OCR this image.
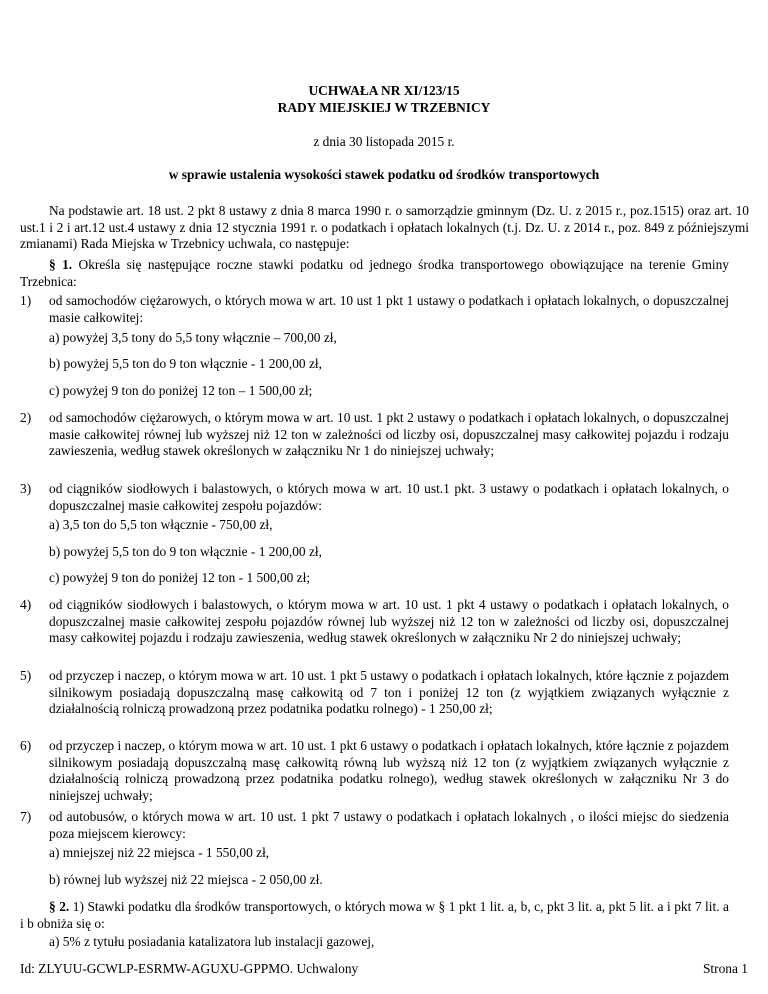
UCHWAŁA NR XI/123/15
RADY MIEJSKIEJ W TRZEBNICY
z dnia 30 listopada 2015 r.
w sprawie ustalenia wysokości stawek podatku od środków transportowych
Na podstawie art. 18 ust. 2 pkt 8 ustawy z dnia 8 marca 1990 r. o samorządzie gminnym (Dz. U. z 2015 r., poz.1515) oraz art. 10 ust.1 i 2 i art.12 ust.4 ustawy z dnia 12 stycznia 1991 r. o podatkach i opłatach lokalnych (t.j. Dz. U. z 2014 r., poz. 849 z późniejszymi zmianami) Rada Miejska w Trzebnicy uchwala, co następuje:
§ 1. Określa się następujące roczne stawki podatku od jednego środka transportowego obowiązujące na terenie Gminy Trzebnica:
1) od samochodów ciężarowych, o których mowa w art. 10 ust 1 pkt 1 ustawy o podatkach i opłatach lokalnych, o dopuszczalnej masie całkowitej:
a) powyżej 3,5 tony do 5,5 tony włącznie – 700,00 zł,
b) powyżej 5,5 ton do 9 ton włącznie - 1 200,00 zł,
c) powyżej 9 ton do poniżej 12 ton – 1 500,00 zł;
2) od samochodów ciężarowych, o którym mowa w art. 10 ust. 1 pkt 2 ustawy o podatkach i opłatach lokalnych, o dopuszczalnej masie całkowitej równej lub wyższej niż 12 ton w zależności od liczby osi, dopuszczalnej masy całkowitej pojazdu i rodzaju zawieszenia, według stawek określonych w załączniku Nr 1 do niniejszej uchwały;
3) od ciągników siodłowych i balastowych, o których mowa w art. 10 ust.1 pkt. 3 ustawy o podatkach i opłatach lokalnych, o dopuszczalnej masie całkowitej zespołu pojazdów:
a) 3,5 ton do 5,5 ton włącznie - 750,00 zł,
b) powyżej 5,5 ton do 9 ton włącznie - 1 200,00 zł,
c) powyżej 9 ton do poniżej 12 ton - 1 500,00 zł;
4) od ciągników siodłowych i balastowych, o którym mowa w art. 10 ust. 1 pkt 4 ustawy o podatkach i opłatach lokalnych, o dopuszczalnej masie całkowitej zespołu pojazdów równej lub wyższej niż 12 ton w zależności od liczby osi, dopuszczalnej masy całkowitej pojazdu i rodzaju zawieszenia, według stawek określonych w załączniku Nr 2 do niniejszej uchwały;
5) od przyczep i naczep, o którym mowa w art. 10 ust. 1 pkt 5 ustawy o podatkach i opłatach lokalnych, które łącznie z pojazdem silnikowym posiadają dopuszczalną masę całkowitą od 7 ton i poniżej 12 ton (z wyjątkiem związanych wyłącznie z działalnością rolniczą prowadzoną przez podatnika podatku rolnego) - 1 250,00 zł;
6) od przyczep i naczep, o którym mowa w art. 10 ust. 1 pkt 6 ustawy o podatkach i opłatach lokalnych, które łącznie z pojazdem silnikowym posiadają dopuszczalną masę całkowitą równą lub wyższą niż 12 ton (z wyjątkiem związanych wyłącznie z działalnością rolniczą prowadzoną przez podatnika podatku rolnego), według stawek określonych w załączniku Nr 3 do niniejszej uchwały;
7) od autobusów, o których mowa w art. 10 ust. 1 pkt 7 ustawy o podatkach i opłatach lokalnych , o ilości miejsc do siedzenia poza miejscem kierowcy:
a) mniejszej niż 22 miejsca - 1 550,00 zł,
b) równej lub wyższej niż 22 miejsca - 2 050,00 zł.
§ 2. 1) Stawki podatku dla środków transportowych, o których mowa w § 1 pkt 1 lit. a, b, c, pkt 3 lit. a, pkt 5 lit. a i pkt 7 lit. a i b obniża się o:
a) 5% z tytułu posiadania katalizatora lub instalacji gazowej,
Id: ZLYUU-GCWLP-ESRMW-AGUXU-GPPMO. Uchwalony	Strona 1
